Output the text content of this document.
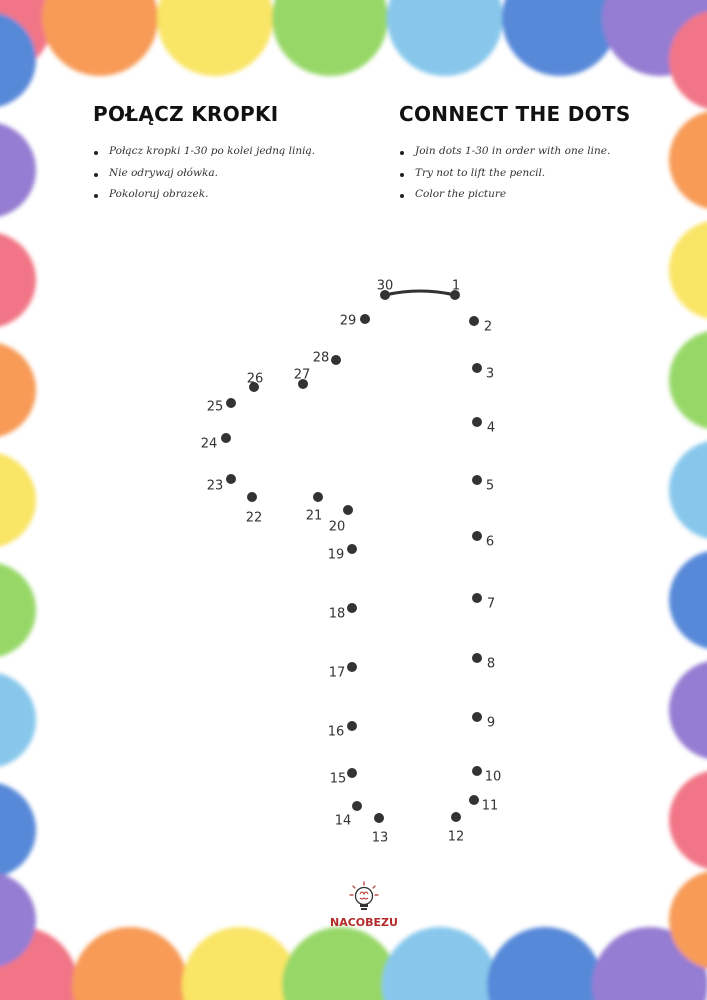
POŁĄCZ KROPKI	CONNECT THE DOTS
Połącz kropki 1-30 po kolei jedną linią.
Nie odrywaj ołówka.
Pokoloruj obrazek.
Join dots 1-30 in order with one line.
Try not to lift the pencil.
Color the picture
1
2
3
4
5
6
7
8
9
10
11
12
13
14
15
16
17
18
19
20
21
22
23
24
25
26 27
28
29
30
NACOBEZU
